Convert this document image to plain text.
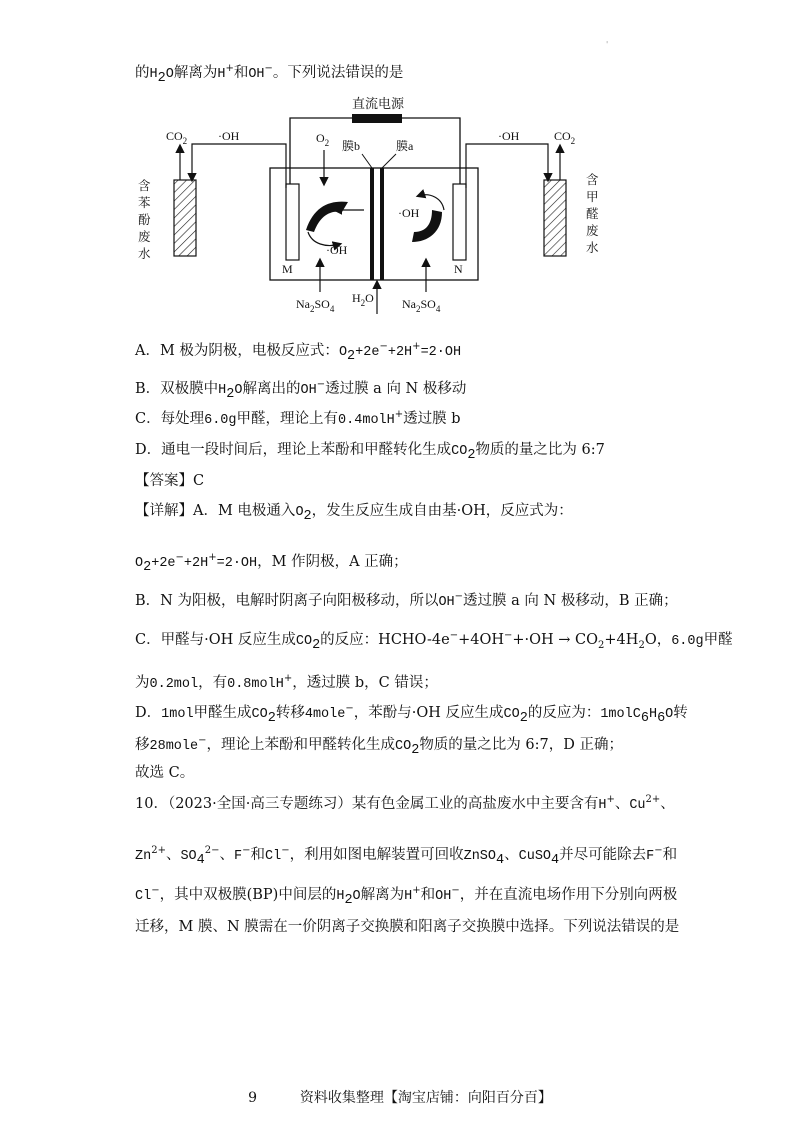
'
的$H_2O$解离为H+和OH−。下列说法错误的是
直流电源
M	N
膜b	膜a
$O_2$
·OH
·OH
$H_2O$
$Na_2SO_4$	$Na_2SO_4$
$CO_2$	·OH
含
苯
酚
废
水
$CO_2$
·OH
含
甲
醛
废
水
A．M 极为阴极，电极反应式：$O_2+2e^-+2H^+=2\cdot OH$
B．双极膜中$H_2O$解离出的OH−透过膜 a 向 N 极移动
C．每处理6.0g甲醛，理论上有0.4molH+透过膜 b
D．通电一段时间后，理论上苯酚和甲醛转化生成$CO_2$物质的量之比为 6:7
【答案】C
【详解】A．M 电极通入$O_2$，发生反应生成自由基·OH，反应式为：
$O_2+2e^-+2H^+=2\cdot OH$，M 作阴极，A 正确；
B．N 为阳极，电解时阴离子向阳极移动，所以OH−透过膜 a 向 N 极移动，B 正确；
C．甲醛与·OH 反应生成$CO_2$的反应：HCHO-4e−+4OH−+·OH → $CO_2+4H_2O$，6.0g甲醛
为0.2mol，有0.8molH+，透过膜 b，C 错误；
D．1mol甲醛生成$CO_2$转移4mole−，苯酚与·OH 反应生成$CO_2$的反应为：$1molC_6H_6O$转
移28mole−，理论上苯酚和甲醛转化生成$CO_2$物质的量之比为 6:7，D 正确；
故选 C。
10．（2023·全国·高三专题练习）某有色金属工业的高盐废水中主要含有H+、$Cu^{2+}$、
$Zn^{2+}$、$SO_4^{2-}$、F−和Cl−，利用如图电解装置可回收ZnSO$_4$、CuSO$_4$并尽可能除去F−和
Cl−，其中双极膜(BP)中间层的$H_2O$解离为H+和OH−，并在直流电场作用下分别向两极
迁移，M 膜、N 膜需在一价阴离子交换膜和阳离子交换膜中选择。下列说法错误的是
9	资料收集整理【淘宝店铺：向阳百分百】
